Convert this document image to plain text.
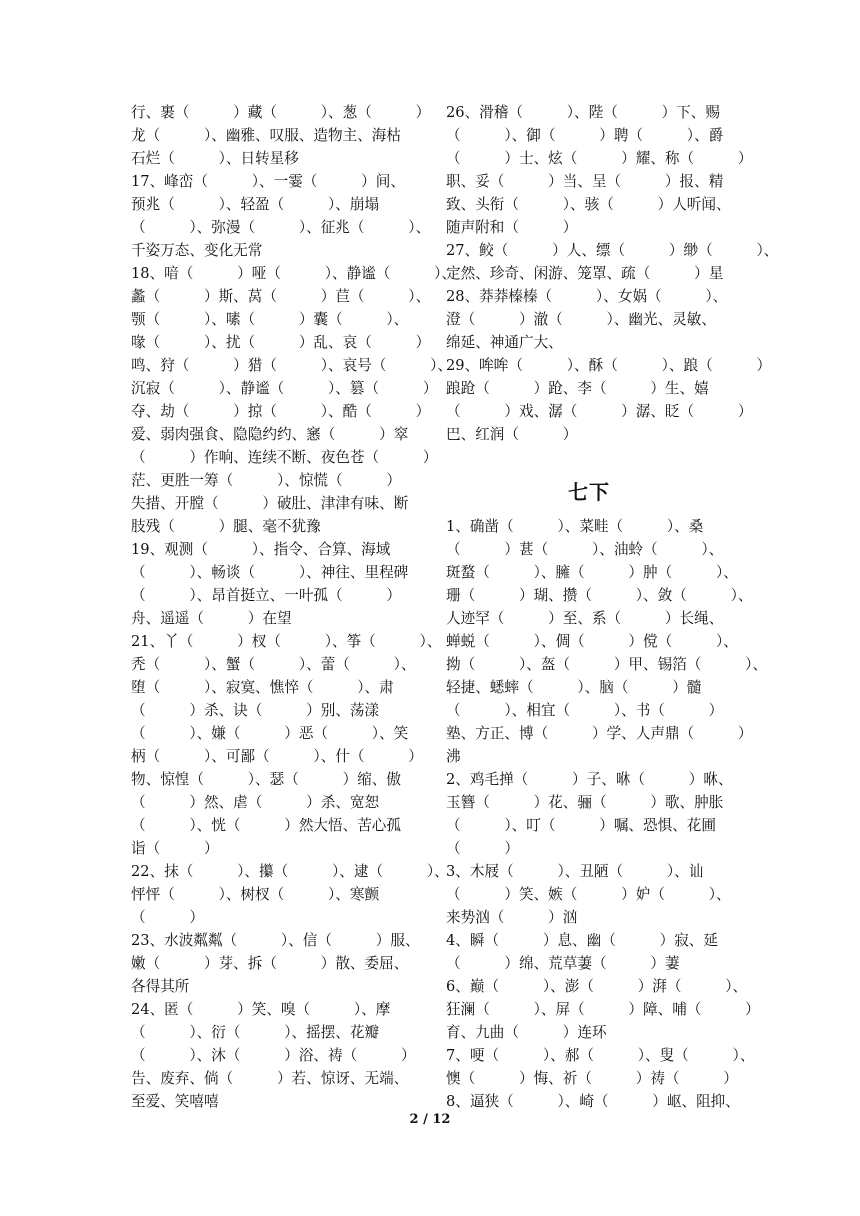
行、裹（　　　）藏（　　　）、葱（　　　）
龙（　　　）、幽雅、叹服、造物主、海枯
石烂（　　　）、日转星移
17、峰峦（　　　）、一霎（　　　）间、
预兆（　　　）、轻盈（　　　）、崩塌
（　　　）、弥漫（　　　）、征兆（　　　）、
千姿万态、变化无常
18、喑（　　　）哑（　　　）、静谧（　　　）、
蠡（　　　）斯、莴（　　　）苣（　　　）、
颚（　　　）、嗉（　　　）囊（　　　）、
喙（　　　）、扰（　　　）乱、哀（　　　）
鸣、狩（　　　）猎（　　　）、哀号（　　　）、
沉寂（　　　）、静谧（　　　）、篡（　　　）
夺、劫（　　　）掠（　　　）、酷（　　　）
爱、弱肉强食、隐隐约约、窸（　　　）窣
（　　　）作响、连续不断、夜色苍（　　　）
茫、更胜一筹（　　　）、惊慌（　　　）
失措、开膛（　　　）破肚、津津有味、断
肢残（　　　）腿、毫不犹豫
19、观测（　　　）、指令、合算、海域
（　　　）、畅谈（　　　）、神往、里程碑
（　　　）、昂首挺立、一叶孤（　　　）
舟、遥遥（　　　）在望
21、丫（　　　）杈（　　　）、筝（　　　）、
秃（　　　）、蟹（　　　）、蕾（　　　）、
堕（　　　）、寂寞、憔悴（　　　）、肃
（　　　）杀、诀（　　　）别、荡漾
（　　　）、嫌（　　　）恶（　　　）、笑
柄（　　　）、可鄙（　　　）、什（　　　）
物、惊惶（　　　）、瑟（　　　）缩、傲
（　　　）然、虐（　　　）杀、宽恕
（　　　）、恍（　　　）然大悟、苦心孤
诣（　　　）
22、抹（　　　）、攥（　　　）、逮（　　　）、
怦怦（　　　）、树杈（　　　）、寒颤
（　　　）
23、水波粼粼（　　　）、信（　　　）服、
嫩（　　　）芽、拆（　　　）散、委屈、
各得其所
24、匿（　　　）笑、嗅（　　　）、摩
（　　　）、衍（　　　）、摇摆、花瓣
（　　　）、沐（　　　）浴、祷（　　　）
告、废弃、倘（　　　）若、惊讶、无端、
至爱、笑嘻嘻
26、滑稽（　　　）、陛（　　　）下、赐
（　　　）、御（　　　）聘（　　　）、爵
（　　　）士、炫（　　　）耀、称（　　　）
职、妥（　　　）当、呈（　　　）报、精
致、头衔（　　　）、骇（　　　）人听闻、
随声附和（　　　）
27、鲛（　　　）人、缥（　　　）缈（　　　）、
定然、珍奇、闲游、笼罩、疏（　　　）星
28、莽莽榛榛（　　　）、女娲（　　　）、
澄（　　　）澈（　　　）、幽光、灵敏、
绵延、神通广大、
29、哞哞（　　　）、酥（　　　）、踉（　　　）
踉跄（　　　）跄、李（　　　）生、嬉
（　　　）戏、潺（　　　）潺、眨（　　　）
巴、红润（　　　）
七下
1、确凿（　　　）、菜畦（　　　）、桑
（　　　）葚（　　　）、油蛉（　　　）、
斑蝥（　　　）、臃（　　　）肿（　　　）、
珊（　　　）瑚、攒（　　　）、敛（　　　）、
人迹罕（　　　）至、系（　　　）长绳、
蝉蜕（　　　）、倜（　　　）傥（　　　）、
拗（　　　）、盔（　　　）甲、锡箔（　　　）、
轻捷、蟋蟀（　　　）、脑（　　　）髓
（　　　）、相宜（　　　）、书（　　　）
塾、方正、博（　　　）学、人声鼎（　　　）
沸
2、鸡毛掸（　　　）子、咻（　　　）咻、
玉簪（　　　）花、骊（　　　）歌、肿胀
（　　　）、叮（　　　）嘱、恐惧、花圃
（　　　）
3、木屐（　　　）、丑陋（　　　）、讪
（　　　）笑、嫉（　　　）妒（　　　）、
来势汹（　　　）汹
4、瞬（　　　）息、幽（　　　）寂、延
（　　　）绵、荒草萋（　　　）萋
6、巅（　　　）、澎（　　　）湃（　　　）、
狂澜（　　　）、屏（　　　）障、哺（　　　）
育、九曲（　　　）连环
7、哽（　　　）、郝（　　　）、叟（　　　）、
懊（　　　）悔、祈（　　　）祷（　　　）
8、逼狭（　　　）、崎（　　　）岖、阻抑、
2 / 12
